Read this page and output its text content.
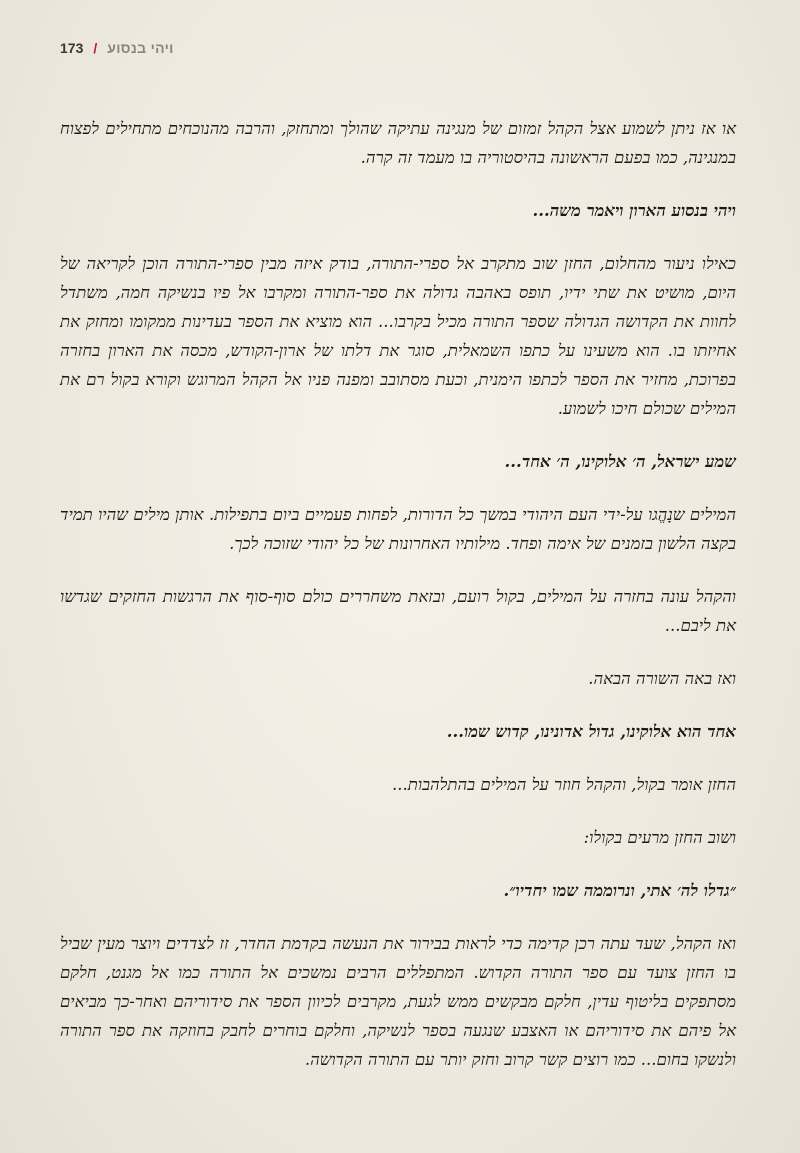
173 / ויהי בנסוע

או אז ניתן לשמוע אצל הקהל זמזום של מנגינה עתיקה שהולך ומתחזק, והרבה מהנוכחים מתחילים לפצוח במנגינה, כמו בפעם הראשונה בהיסטוריה בו מעמד זה קרה.

ויהי בנסוע הארון ויאמר משה...

כאילו ניעור מהחלום, החזן שוב מתקרב אל ספרי-התורה, בודק איזה מבין ספרי-התורה הוכן לקריאה של היום, מושיט את שתי ידיו, תופס באהבה גדולה את ספר-התורה ומקרבו אל פיו בנשיקה חמה, משתדל לחוות את הקדושה הגדולה שספר התורה מכיל בקרבו... הוא מוציא את הספר בעדינות ממקומו ומחזק את אחיזתו בו. הוא משעינו על כתפו השמאלית, סוגר את דלתו של ארון-הקודש, מכסה את הארון בחזרה בפרוכת, מחזיר את הספר לכתפו הימנית, וכעת מסתובב ומפנה פניו אל הקהל המרוגש וקורא בקול רם את המילים שכולם חיכו לשמוע.

שמע ישראל, ה׳ אלוקינו, ה׳ אחד...

המילים שנָהֱגו על-ידי העם היהודי במשך כל הדורות, לפחות פעמיים ביום בתפילות. אותן מילים שהיו תמיד בקצה הלשון בזמנים של אימה ופחד. מילותיו האחרונות של כל יהודי שזוכה לכך.

והקהל עונה בחזרה על המילים, בקול רועם, ובזאת משחררים כולם סוף-סוף את הרגשות החזקים שגדשו את ליבם...

ואז באה השורה הבאה.

אחד הוא אלוקינו, גדול אדונינו, קדוש שמו...

החזן אומר בקול, והקהל חוזר על המילים בהתלהבות...

ושוב החזן מרעים בקולו:

״גדלו לה׳ אתי, ונרוממה שמו יחדיו״.

ואז הקהל, שעד עתה רכן קדימה כדי לראות בבירור את הנעשה בקדמת החדר, זז לצדדים ויוצר מעין שביל בו החזן צועד עם ספר התורה הקדוש. המתפללים הרבים נמשכים אל התורה כמו אל מגנט, חלקם מסתפקים בליטוף עדין, חלקם מבקשים ממש לגעת, מקרבים לכיוון הספר את סידוריהם ואחר-כך מביאים אל פיהם את סידוריהם או האצבע שנגעה בספר לנשיקה, וחלקם בוחרים לחבק בחוזקה את ספר התורה ולנשקו בחום... כמו רוצים קשר קרוב וחזק יותר עם התורה הקדושה.
